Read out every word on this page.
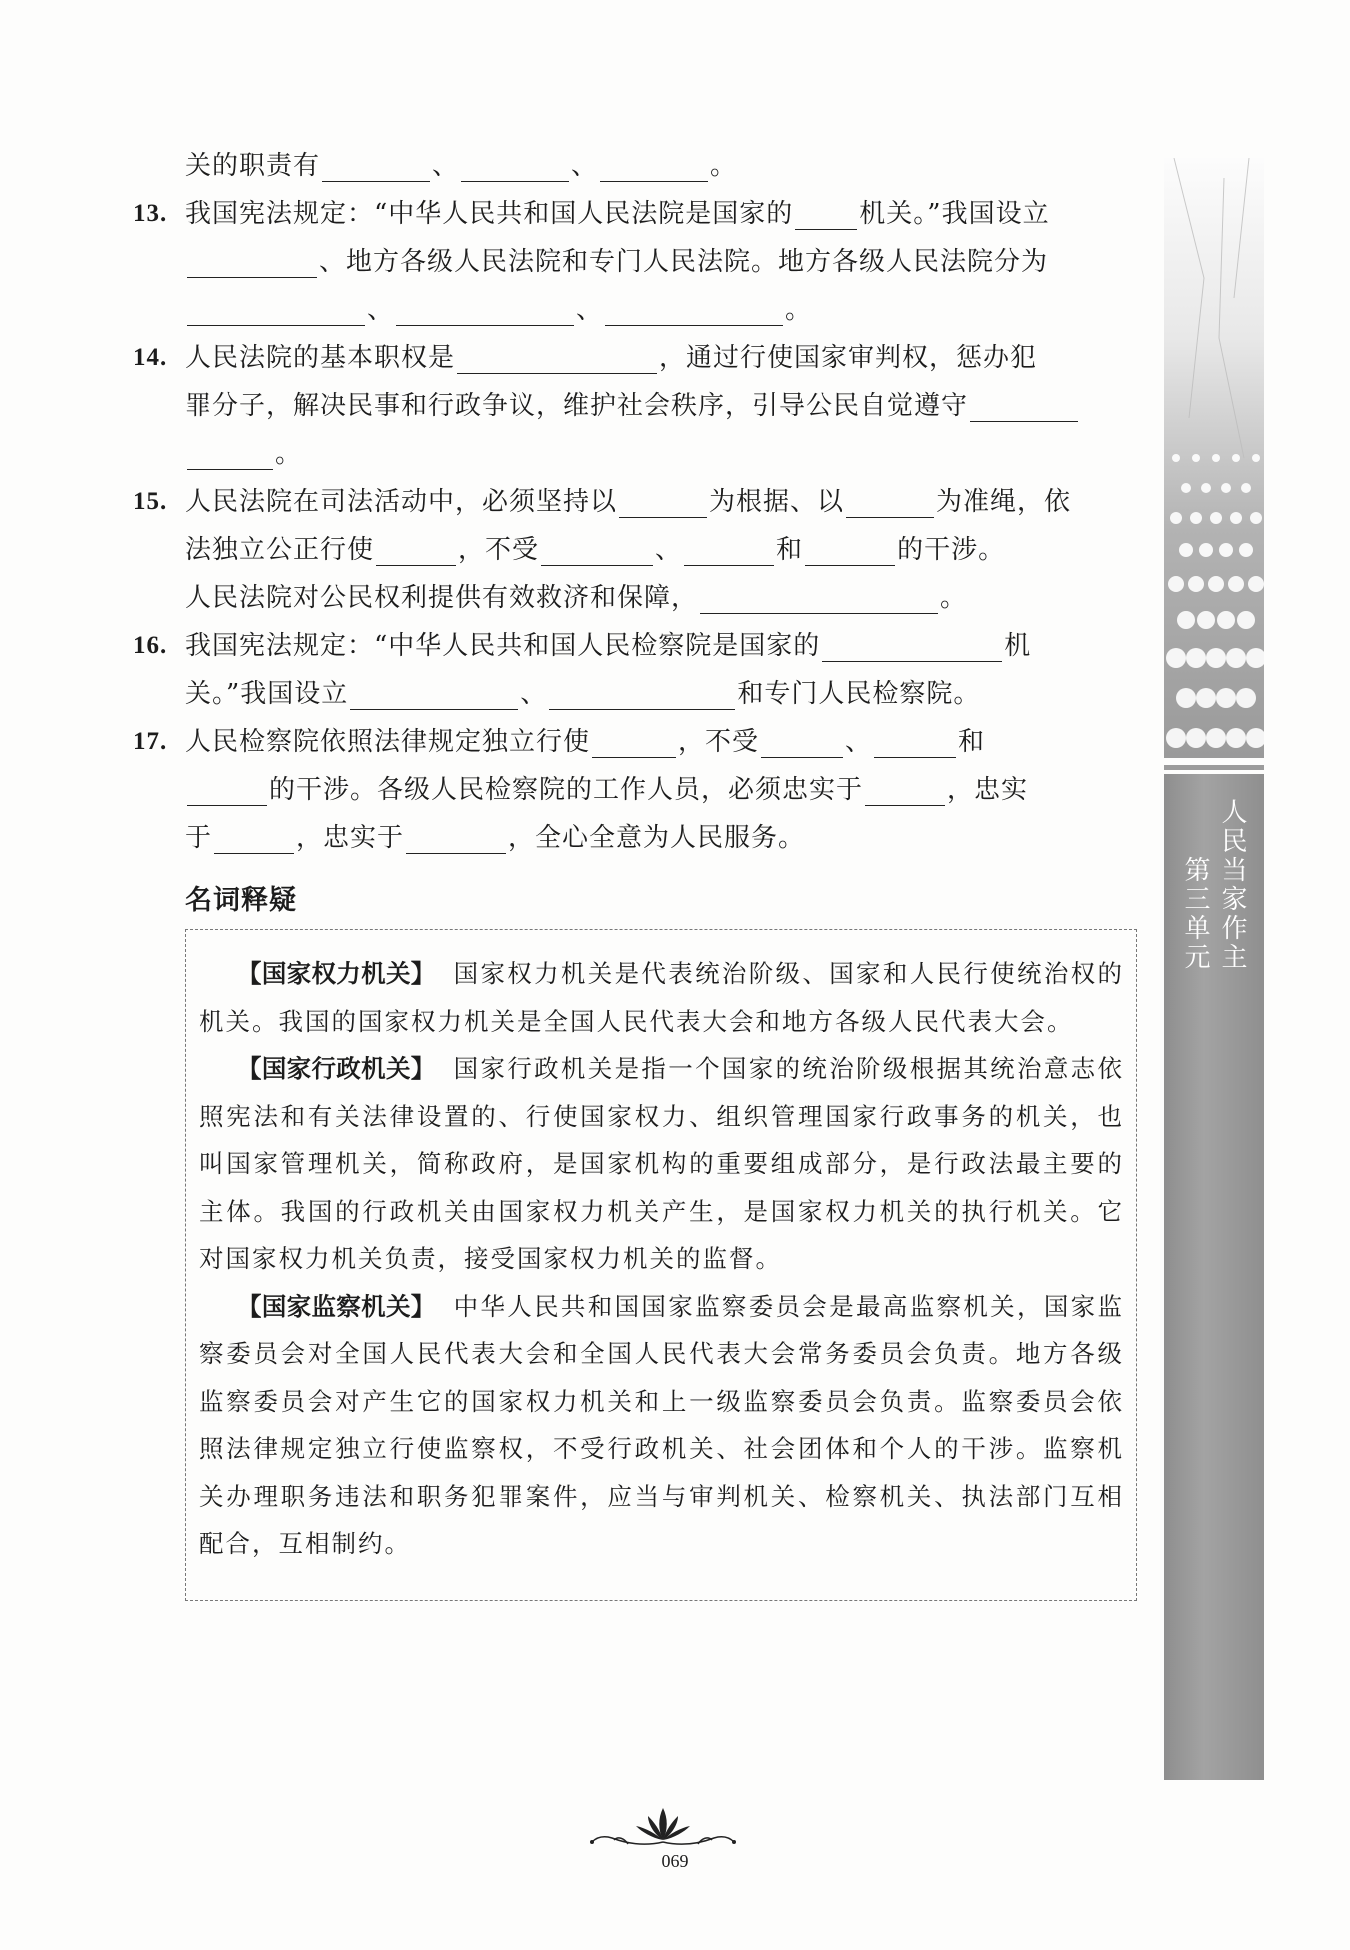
关的职责有	、	、	。
13. 我国宪法规定：“中华人民共和国人民法院是国家的	机关。”我国设立
、地方各级人民法院和专门人民法院。地方各级人民法院分为
、	、	。
14. 人民法院的基本职权是	，通过行使国家审判权，惩办犯
罪分子，解决民事和行政争议，维护社会秩序，引导公民自觉遵守
。
15. 人民法院在司法活动中，必须坚持以	为根据、以	为准绳，依
法独立公正行使	，不受	、	和	的干涉。
人民法院对公民权利提供有效救济和保障，	。
16. 我国宪法规定：“中华人民共和国人民检察院是国家的	机
关。”我国设立	、	和专门人民检察院。
17. 人民检察院依照法律规定独立行使	，不受	、	和
的干涉。各级人民检察院的工作人员，必须忠实于	，忠实
于	，忠实于	，全心全意为人民服务。
名词释疑
【国家权力机关】 国家权力机关是代表统治阶级、国家和人民行使统治权的机关。我国的国家权力机关是全国人民代表大会和地方各级人民代表大会。
【国家行政机关】 国家行政机关是指一个国家的统治阶级根据其统治意志依照宪法和有关法律设置的、行使国家权力、组织管理国家行政事务的机关，也叫国家管理机关，简称政府，是国家机构的重要组成部分，是行政法最主要的主体。我国的行政机关由国家权力机关产生，是国家权力机关的执行机关。它对国家权力机关负责，接受国家权力机关的监督。
【国家监察机关】 中华人民共和国国家监察委员会是最高监察机关，国家监察委员会对全国人民代表大会和全国人民代表大会常务委员会负责。地方各级监察委员会对产生它的国家权力机关和上一级监察委员会负责。监察委员会依照法律规定独立行使监察权，不受行政机关、社会团体和个人的干涉。监察机关办理职务违法和职务犯罪案件，应当与审判机关、检察机关、执法部门互相配合，互相制约。
第三单元 人民当家作主
069
